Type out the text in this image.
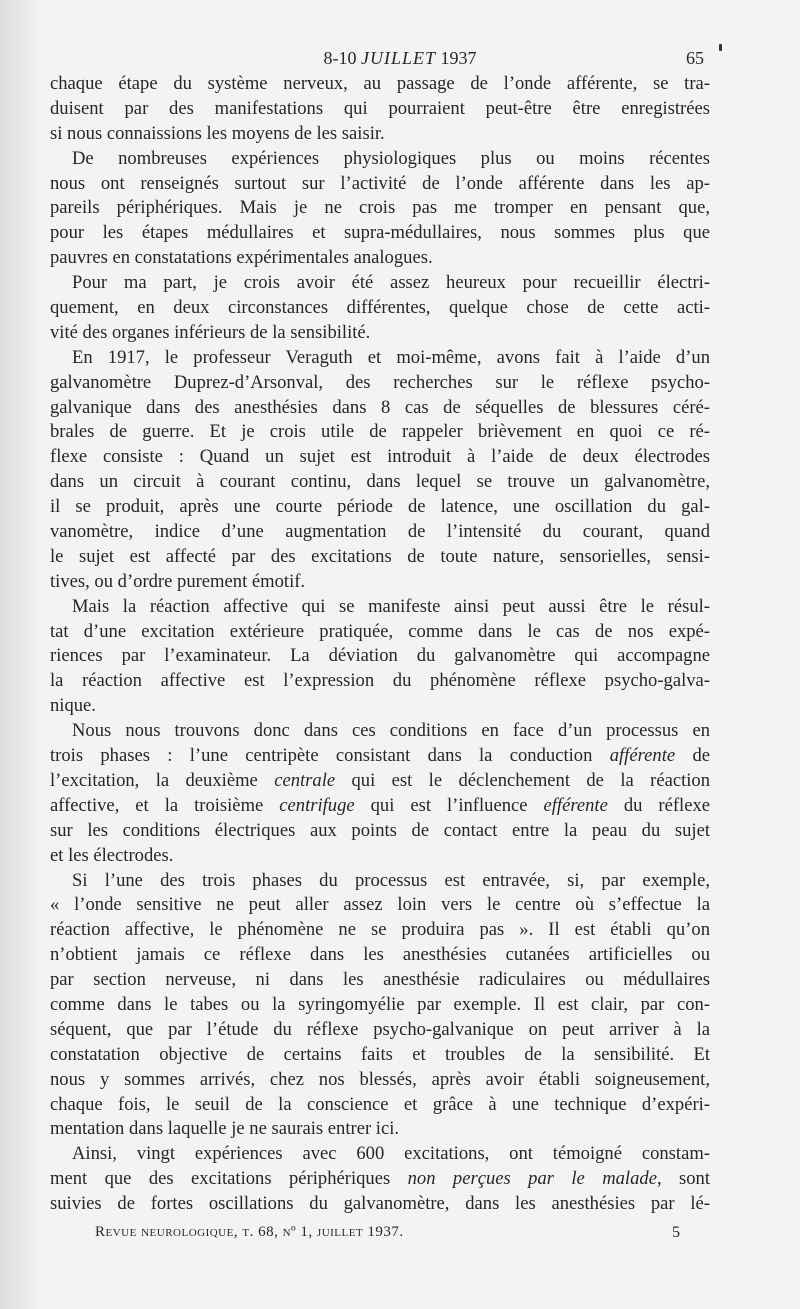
8-10 JUILLET 1937	65
chaque étape du système nerveux, au passage de l’onde afférente, se tra-
duisent par des manifestations qui pourraient peut-être être enregistrées
si nous connaissions les moyens de les saisir.
De nombreuses expériences physiologiques plus ou moins récentes
nous ont renseignés surtout sur l’activité de l’onde afférente dans les ap-
pareils périphériques. Mais je ne crois pas me tromper en pensant que,
pour les étapes médullaires et supra-médullaires, nous sommes plus que
pauvres en constatations expérimentales analogues.
Pour ma part, je crois avoir été assez heureux pour recueillir électri-
quement, en deux circonstances différentes, quelque chose de cette acti-
vité des organes inférieurs de la sensibilité.
En 1917, le professeur Veraguth et moi-même, avons fait à l’aide d’un
galvanomètre Duprez-d’Arsonval, des recherches sur le réflexe psycho-
galvanique dans des anesthésies dans 8 cas de séquelles de blessures céré-
brales de guerre. Et je crois utile de rappeler brièvement en quoi ce ré-
flexe consiste : Quand un sujet est introduit à l’aide de deux électrodes
dans un circuit à courant continu, dans lequel se trouve un galvanomètre,
il se produit, après une courte période de latence, une oscillation du gal-
vanomètre, indice d’une augmentation de l’intensité du courant, quand
le sujet est affecté par des excitations de toute nature, sensorielles, sensi-
tives, ou d’ordre purement émotif.
Mais la réaction affective qui se manifeste ainsi peut aussi être le résul-
tat d’une excitation extérieure pratiquée, comme dans le cas de nos expé-
riences par l’examinateur. La déviation du galvanomètre qui accompagne
la réaction affective est l’expression du phénomène réflexe psycho-galva-
nique.
Nous nous trouvons donc dans ces conditions en face d’un processus en
trois phases : l’une centripète consistant dans la conduction afférente de
l’excitation, la deuxième centrale qui est le déclenchement de la réaction
affective, et la troisième centrifuge qui est l’influence efférente du réflexe
sur les conditions électriques aux points de contact entre la peau du sujet
et les électrodes.
Si l’une des trois phases du processus est entravée, si, par exemple,
« l’onde sensitive ne peut aller assez loin vers le centre où s’effectue la
réaction affective, le phénomène ne se produira pas ». Il est établi qu’on
n’obtient jamais ce réflexe dans les anesthésies cutanées artificielles ou
par section nerveuse, ni dans les anesthésie radiculaires ou médullaires
comme dans le tabes ou la syringomyélie par exemple. Il est clair, par con-
séquent, que par l’étude du réflexe psycho-galvanique on peut arriver à la
constatation objective de certains faits et troubles de la sensibilité. Et
nous y sommes arrivés, chez nos blessés, après avoir établi soigneusement,
chaque fois, le seuil de la conscience et grâce à une technique d’expéri-
mentation dans laquelle je ne saurais entrer ici.
Ainsi, vingt expériences avec 600 excitations, ont témoigné constam-
ment que des excitations périphériques non perçues par le malade, sont
suivies de fortes oscillations du galvanomètre, dans les anesthésies par lé-
Revue neurologique, t. 68, nº 1, juillet 1937.	5
